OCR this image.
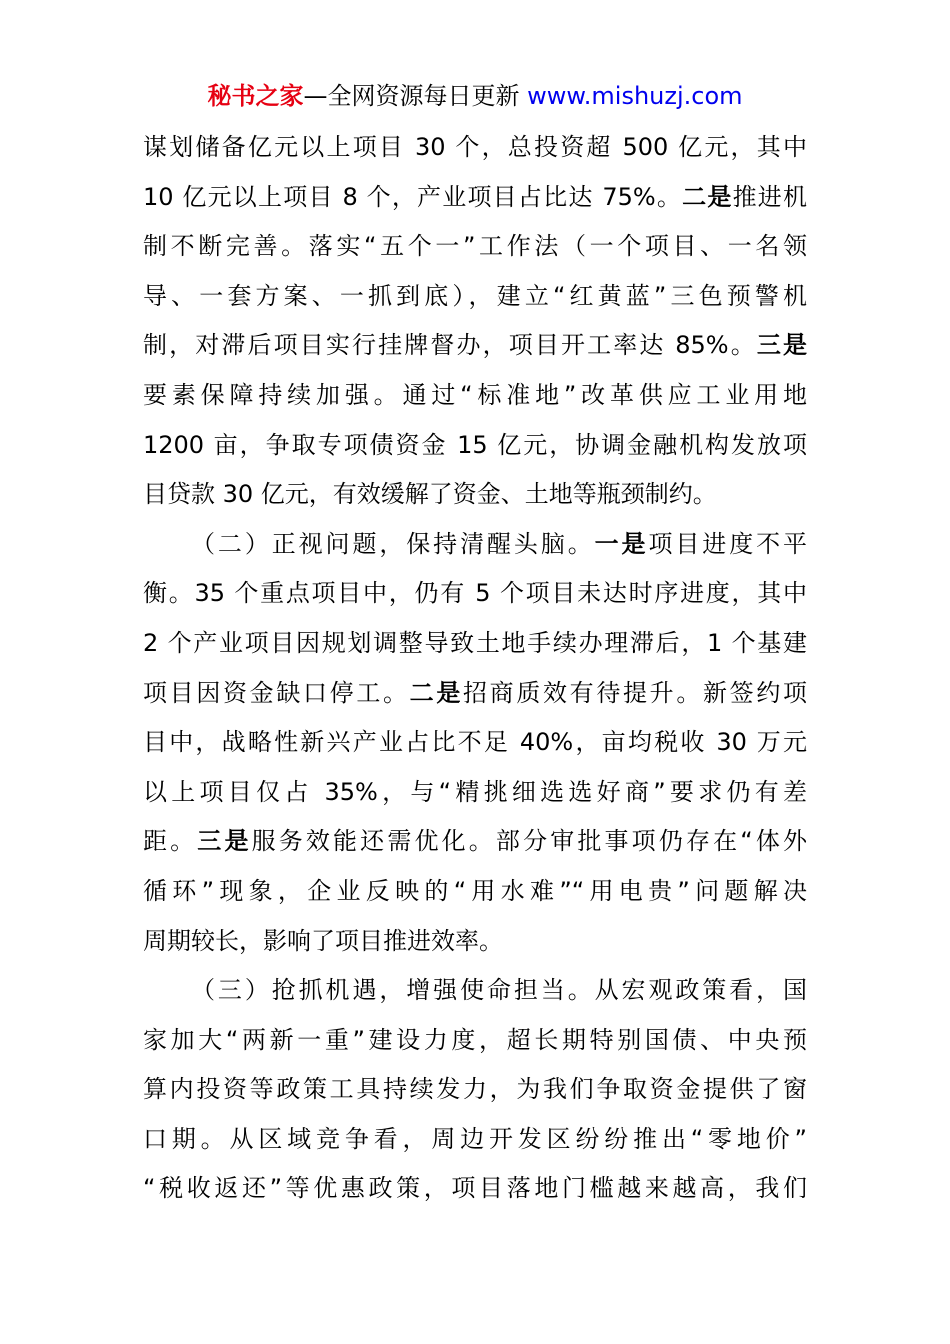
秘书之家—全网资源每日更新 www.mishuzj.com
谋划储备亿元以上项目 30 个，总投资超 500 亿元，其中
10 亿元以上项目 8 个，产业项目占比达 75%。二是推进机
制不断完善。落实“五个一”工作法（一个项目、一名领
导、一套方案、一抓到底），建立“红黄蓝”三色预警机
制，对滞后项目实行挂牌督办，项目开工率达 85%。三是
要素保障持续加强。通过“标准地”改革供应工业用地
1200 亩，争取专项债资金 15 亿元，协调金融机构发放项
目贷款 30 亿元，有效缓解了资金、土地等瓶颈制约。
（二）正视问题，保持清醒头脑。一是项目进度不平
衡。35 个重点项目中，仍有 5 个项目未达时序进度，其中
2 个产业项目因规划调整导致土地手续办理滞后，1 个基建
项目因资金缺口停工。二是招商质效有待提升。新签约项
目中，战略性新兴产业占比不足 40%，亩均税收 30 万元
以上项目仅占 35%，与“精挑细选选好商”要求仍有差
距。三是服务效能还需优化。部分审批事项仍存在“体外
循环”现象，企业反映的“用水难”“用电贵”问题解决
周期较长，影响了项目推进效率。
（三）抢抓机遇，增强使命担当。从宏观政策看，国
家加大“两新一重”建设力度，超长期特别国债、中央预
算内投资等政策工具持续发力，为我们争取资金提供了窗
口期。从区域竞争看，周边开发区纷纷推出“零地价”
“税收返还”等优惠政策，项目落地门槛越来越高，我们
